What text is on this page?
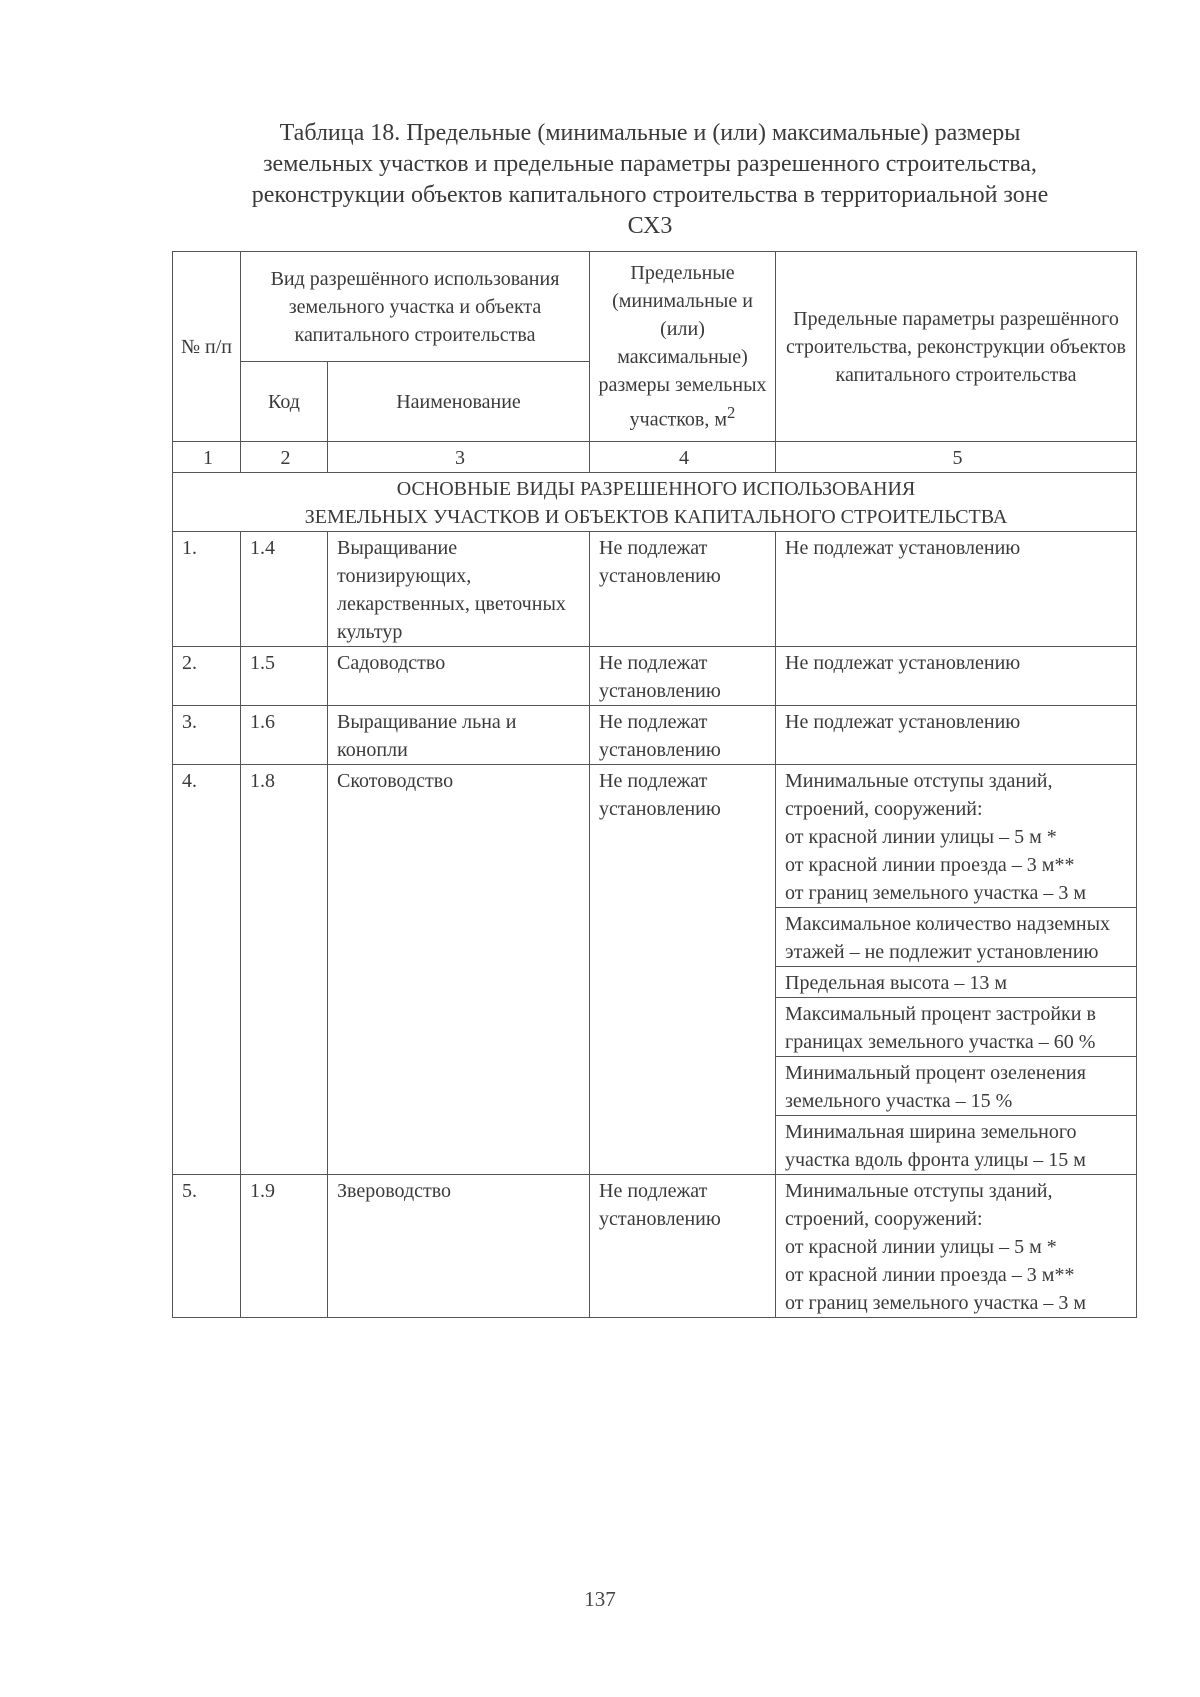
Таблица 18. Предельные (минимальные и (или) максимальные) размеры
земельных участков и предельные параметры разрешенного строительства,
реконструкции объектов капитального строительства в территориальной зоне
СХ3
№ п/п	Вид разрешённого использования земельного участка и объекта капитального строительства		Предельные (минимальные и (или) максимальные) размеры земельных участков, $м^2$	Предельные параметры разрешённого строительства, реконструкции объектов капитального строительства
	Код	Наименование		
1	2	3	4	5

ОСНОВНЫЕ ВИДЫ РАЗРЕШЕННОГО ИСПОЛЬЗОВАНИЯ
ЗЕМЕЛЬНЫХ УЧАСТКОВ И ОБЪЕКТОВ КАПИТАЛЬНОГО СТРОИТЕЛЬСТВА				

1.	1.4	Выращивание тонизирующих, лекарственных, цветочных культур	Не подлежат установлению	Не подлежат установлению
2.	1.5	Садоводство	Не подлежат установлению	Не подлежат установлению
3.	1.6	Выращивание льна и конопли	Не подлежат установлению	Не подлежат установлению
4.	1.8	Скотоводство	Не подлежат установлению	Минимальные отступы зданий, строений, сооружений:
от красной линии улицы – 5 м *
от красной линии проезда – 3 м**
от границ земельного участка – 3 м

				Максимальное количество надземных этажей – не подлежит установлению

				Предельная высота – 13 м

				Максимальный процент застройки в границах земельного участка – 60 %

				Минимальный процент озеленения земельного участка – 15 %

				Минимальная ширина земельного участка вдоль фронта улицы – 15 м

5.	1.9	Звероводство	Не подлежат установлению	Минимальные отступы зданий, строений, сооружений:
от красной линии улицы – 5 м *
от красной линии проезда – 3 м**
от границ земельного участка – 3 м
137
